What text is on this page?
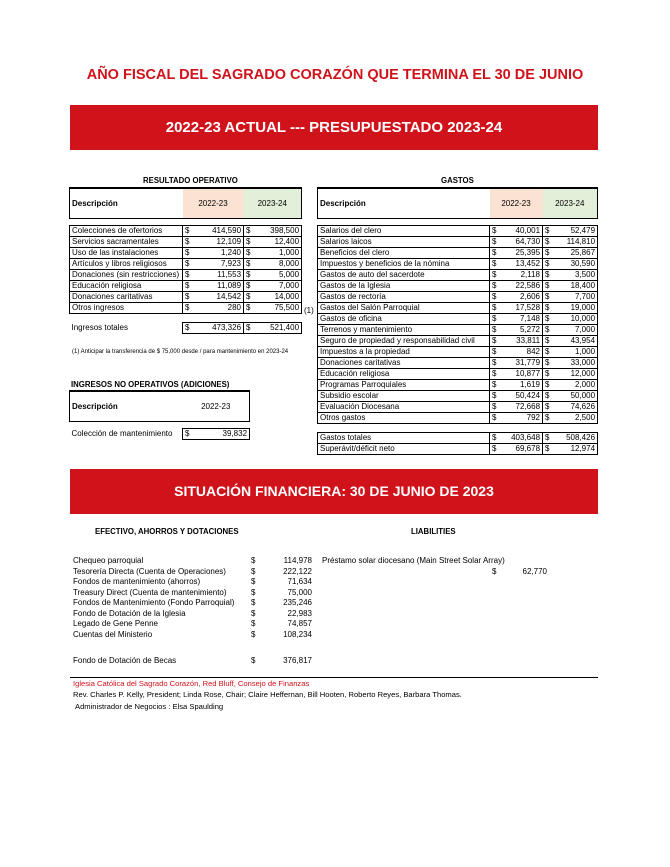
AÑO FISCAL DEL SAGRADO CORAZÓN QUE TERMINA EL 30 DE JUNIO
2022-23 ACTUAL --- PRESUPUESTADO 2023-24
RESULTADO OPERATIVO
Descripción	2022-23		2023-24	

Colecciones de ofertorios	$	414,590	$	398,500
Servicios sacramentales	$	12,109	$	12,400
Uso de las instalaciones	$	1,240	$	1,000
Artículos y libros religiosos	$	7,923	$	8,000
Donaciones (sin restricciones)	$	11,553	$	5,000
Educación religiosa	$	11,089	$	7,000
Donaciones caritativas	$	14,542	$	14,000
Otros ingresos	$	280	$	75,500

Ingresos totales	$	473,326	$	521,400
(1) Anticipar la transferencia de $ 75,000 desde / para mantenimiento en 2023-24
INGRESOS NO OPERATIVOS (ADICIONES)
Descripción	2022-23	

Colección de mantenimiento	$	39,832
GASTOS
Descripción	2022-23		2023-24	

Salarios del clero	$	40,001	$	52,479
Salarios laicos	$	64,730	$	114,810
Beneficios del clero	$	25,395	$	25,867
Impuestos y beneficios de la nómina	$	13,452	$	30,590
Gastos de auto del sacerdote	$	2,118	$	3,500
Gastos de la Iglesia	$	22,586	$	18,400
Gastos de rectoría	$	2,606	$	7,700
Gastos del Salón Parroquial	$	17,528	$	19,000
Gastos de oficina	$	7,148	$	10,000
Terrenos y mantenimiento	$	5,272	$	7,000
Seguro de propiedad y responsabilidad civil	$	33,811	$	43,954
Impuestos a la propiedad	$	842	$	1,000
Donaciones caritativas	$	31,779	$	33,000
Educación religiosa	$	10,877	$	12,000
Programas Parroquiales	$	1,619	$	2,000
Subsidio escolar	$	50,424	$	50,000
Evaluación Diocesana	$	72,668	$	74,626
Otros gastos	$	792	$	2,500

Gastos totales	$	403,648	$	508,426
Superávit/déficit neto	$	69,678	$	12,974
SITUACIÓN FINANCIERA: 30 DE JUNIO DE 2023
EFECTIVO, AHORROS Y DOTACIONES	LIABILITIES
Chequeo parroquial	$	114,978
Tesorería Directa (Cuenta de Operaciones)	$	222,122
Fondos de mantenimiento (ahorros)	$	71,634
Treasury Direct (Cuenta de mantenimiento)	$	75,000
Fondos de Mantenimiento (Fondo Parroquial) $	235,246
Fondo de Dotación de la Iglesia	$	22,983
Legado de Gene Penne	$	74,857
Cuentas del Ministerio	$	108,234
Fondo de Dotación de Becas	$	376,817
Préstamo solar diocesano (Main Street Solar Array)
$	62,770
Iglesia Católica del Sagrado Corazón, Red Bluff, Consejo de Finanzas
Rev. Charles P. Kelly, President; Linda Rose, Chair; Claire Heffernan, Bill Hooten, Roberto Reyes, Barbara Thomas.
Administrador de Negocios : Elsa Spaulding
(1)
